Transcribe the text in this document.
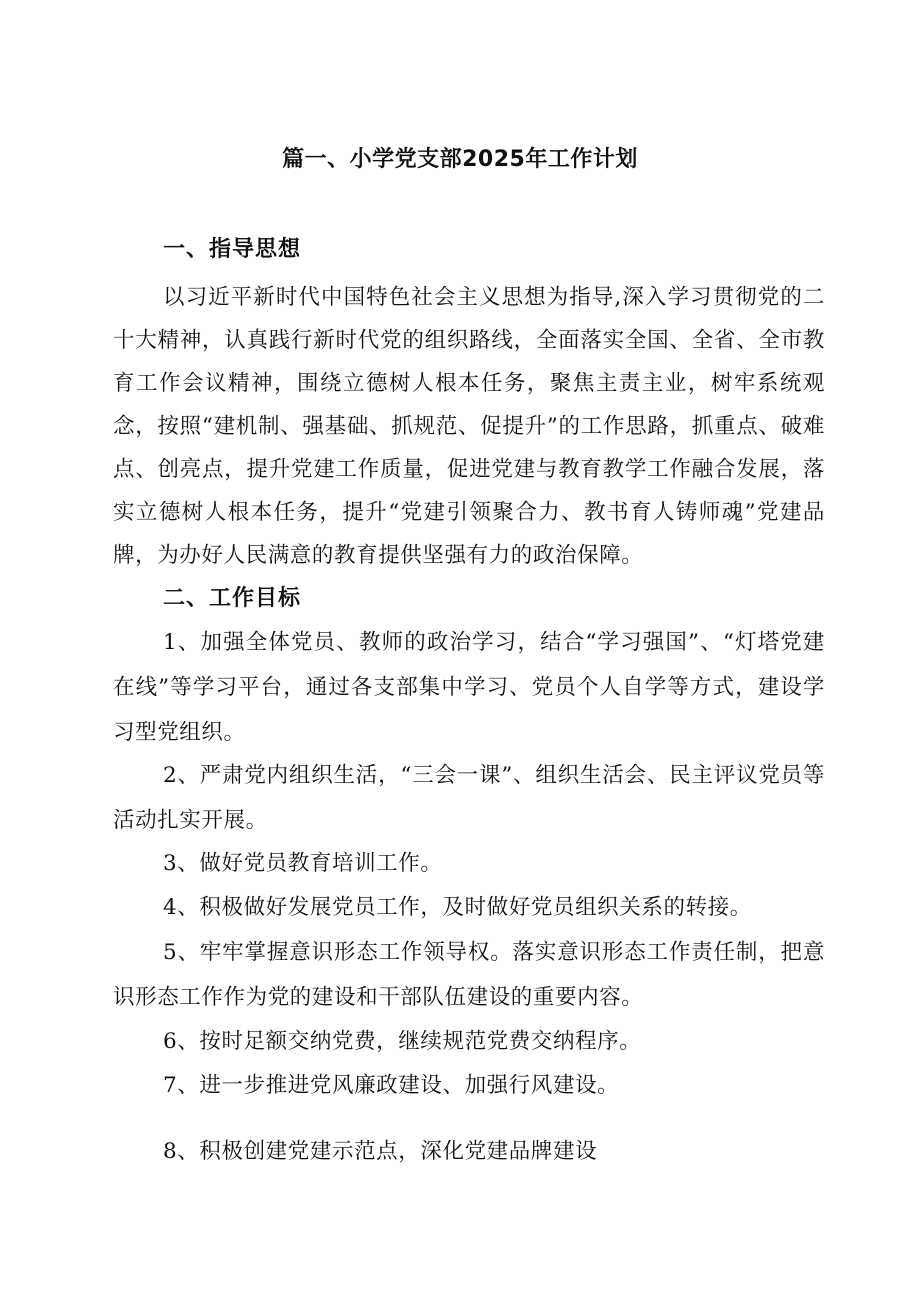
篇一、小学党支部2025年工作计划
一、指导思想

以习近平新时代中国特色社会主义思想为指导,深入学习贯彻党的二十大精神，认真践行新时代党的组织路线，全面落实全国、全省、全市教育工作会议精神，围绕立德树人根本任务，聚焦主责主业，树牢系统观念，按照“建机制、强基础、抓规范、促提升”的工作思路，抓重点、破难点、创亮点，提升党建工作质量，促进党建与教育教学工作融合发展，落实立德树人根本任务，提升“党建引领聚合力、教书育人铸师魂”党建品牌，为办好人民满意的教育提供坚强有力的政治保障。

二、工作目标

1、加强全体党员、教师的政治学习，结合“学习强国”、“灯塔党建在线”等学习平台，通过各支部集中学习、党员个人自学等方式，建设学习型党组织。

2、严肃党内组织生活，“三会一课”、组织生活会、民主评议党员等活动扎实开展。

3、做好党员教育培训工作。

4、积极做好发展党员工作，及时做好党员组织关系的转接。

5、牢牢掌握意识形态工作领导权。落实意识形态工作责任制，把意识形态工作作为党的建设和干部队伍建设的重要内容。

6、按时足额交纳党费，继续规范党费交纳程序。

7、进一步推进党风廉政建设、加强行风建设。

8、积极创建党建示范点，深化党建品牌建设
